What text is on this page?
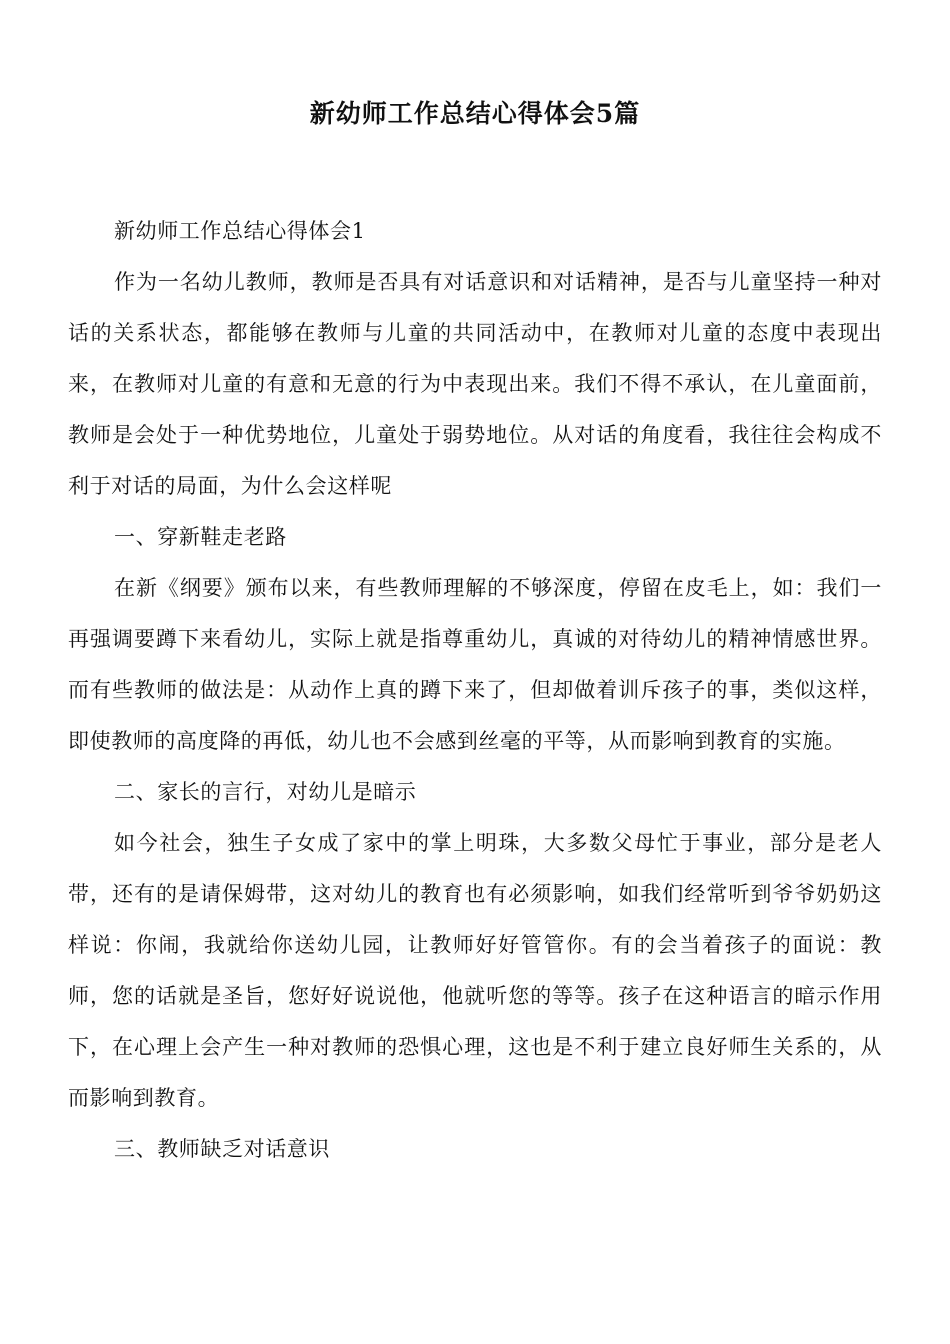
新幼师工作总结心得体会5篇

新幼师工作总结心得体会1

作为一名幼儿教师，教师是否具有对话意识和对话精神，是否与儿童坚持一种对话的关系状态，都能够在教师与儿童的共同活动中，在教师对儿童的态度中表现出来，在教师对儿童的有意和无意的行为中表现出来。我们不得不承认，在儿童面前，教师是会处于一种优势地位，儿童处于弱势地位。从对话的角度看，我往往会构成不利于对话的局面，为什么会这样呢

一、穿新鞋走老路

在新《纲要》颁布以来，有些教师理解的不够深度，停留在皮毛上，如：我们一再强调要蹲下来看幼儿，实际上就是指尊重幼儿，真诚的对待幼儿的精神情感世界。而有些教师的做法是：从动作上真的蹲下来了，但却做着训斥孩子的事，类似这样，即使教师的高度降的再低，幼儿也不会感到丝毫的平等，从而影响到教育的实施。

二、家长的言行，对幼儿是暗示

如今社会，独生子女成了家中的掌上明珠，大多数父母忙于事业，部分是老人带，还有的是请保姆带，这对幼儿的教育也有必须影响，如我们经常听到爷爷奶奶这样说：你闹，我就给你送幼儿园，让教师好好管管你。有的会当着孩子的面说：教师，您的话就是圣旨，您好好说说他，他就听您的等等。孩子在这种语言的暗示作用下，在心理上会产生一种对教师的恐惧心理，这也是不利于建立良好师生关系的，从而影响到教育。

三、教师缺乏对话意识
